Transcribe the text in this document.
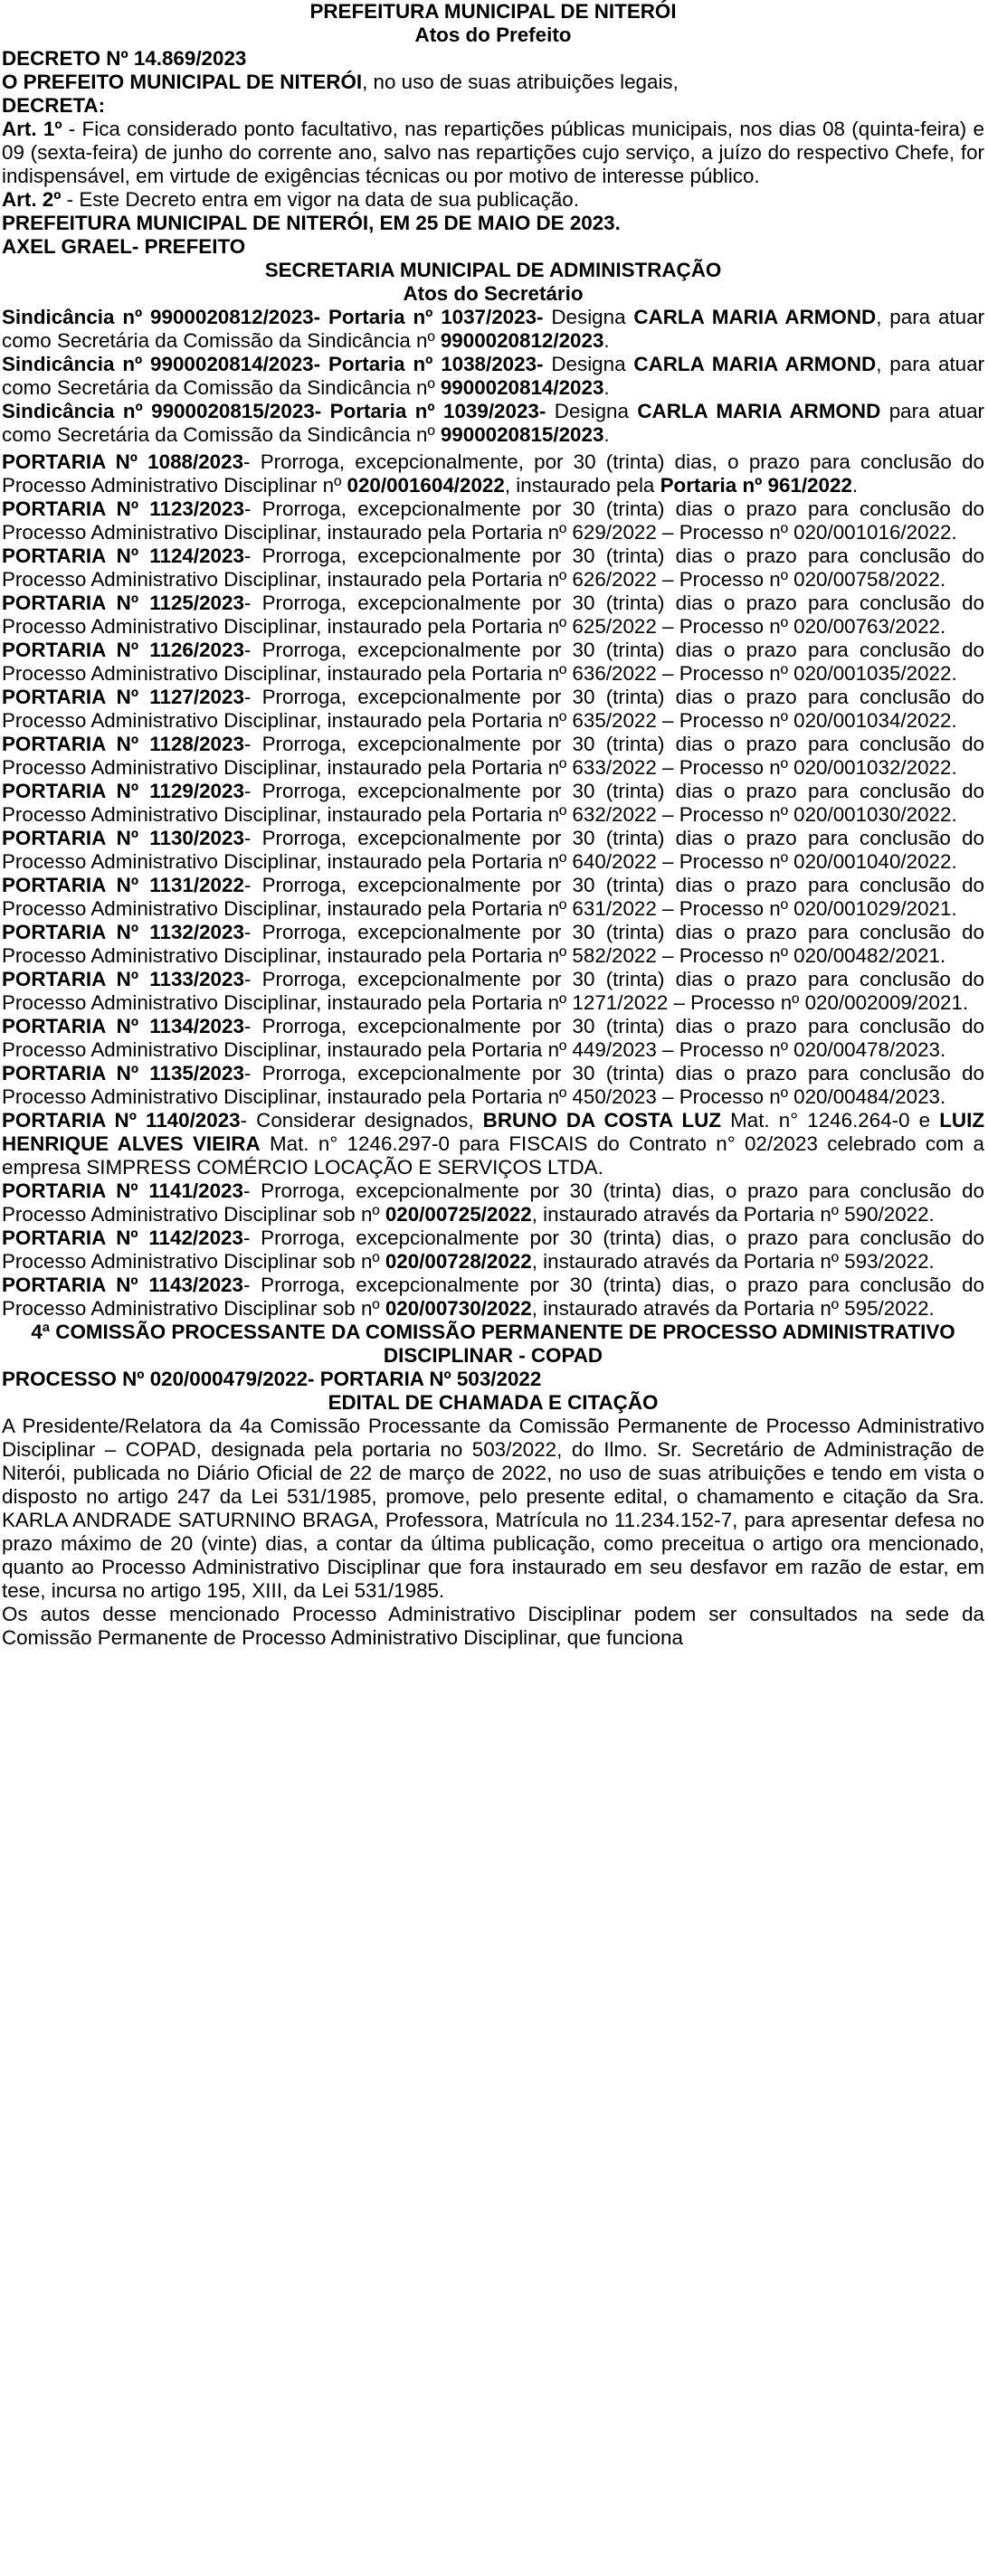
PREFEITURA MUNICIPAL DE NITERÓI
Atos do Prefeito
DECRETO Nº 14.869/2023
O PREFEITO MUNICIPAL DE NITERÓI, no uso de suas atribuições legais,
DECRETA:
Art. 1º - Fica considerado ponto facultativo, nas repartições públicas municipais, nos dias 08 (quinta-feira) e 09 (sexta-feira) de junho do corrente ano, salvo nas repartições cujo serviço, a juízo do respectivo Chefe, for indispensável, em virtude de exigências técnicas ou por motivo de interesse público.
Art. 2º - Este Decreto entra em vigor na data de sua publicação.
PREFEITURA MUNICIPAL DE NITERÓI, EM 25 DE MAIO DE 2023.
AXEL GRAEL- PREFEITO
SECRETARIA MUNICIPAL DE ADMINISTRAÇÃO
Atos do Secretário
Sindicância nº 9900020812/2023- Portaria nº 1037/2023- Designa CARLA MARIA ARMOND, para atuar como Secretária da Comissão da Sindicância nº 9900020812/2023.
Sindicância nº 9900020814/2023- Portaria nº 1038/2023- Designa CARLA MARIA ARMOND, para atuar como Secretária da Comissão da Sindicância nº 9900020814/2023.
Sindicância nº 9900020815/2023- Portaria nº 1039/2023- Designa CARLA MARIA ARMOND para atuar como Secretária da Comissão da Sindicância nº 9900020815/2023.
PORTARIA Nº 1088/2023- Prorroga, excepcionalmente, por 30 (trinta) dias, o prazo para conclusão do Processo Administrativo Disciplinar nº 020/001604/2022, instaurado pela Portaria nº 961/2022.
PORTARIA Nº 1123/2023- Prorroga, excepcionalmente por 30 (trinta) dias o prazo para conclusão do Processo Administrativo Disciplinar, instaurado pela Portaria nº 629/2022 – Processo nº 020/001016/2022.
PORTARIA Nº 1124/2023- Prorroga, excepcionalmente por 30 (trinta) dias o prazo para conclusão do Processo Administrativo Disciplinar, instaurado pela Portaria nº 626/2022 – Processo nº 020/00758/2022.
PORTARIA Nº 1125/2023- Prorroga, excepcionalmente por 30 (trinta) dias o prazo para conclusão do Processo Administrativo Disciplinar, instaurado pela Portaria nº 625/2022 – Processo nº 020/00763/2022.
PORTARIA Nº 1126/2023- Prorroga, excepcionalmente por 30 (trinta) dias o prazo para conclusão do Processo Administrativo Disciplinar, instaurado pela Portaria nº 636/2022 – Processo nº 020/001035/2022.
PORTARIA Nº 1127/2023- Prorroga, excepcionalmente por 30 (trinta) dias o prazo para conclusão do Processo Administrativo Disciplinar, instaurado pela Portaria nº 635/2022 – Processo nº 020/001034/2022.
PORTARIA Nº 1128/2023- Prorroga, excepcionalmente por 30 (trinta) dias o prazo para conclusão do Processo Administrativo Disciplinar, instaurado pela Portaria nº 633/2022 – Processo nº 020/001032/2022.
PORTARIA Nº 1129/2023- Prorroga, excepcionalmente por 30 (trinta) dias o prazo para conclusão do Processo Administrativo Disciplinar, instaurado pela Portaria nº 632/2022 – Processo nº 020/001030/2022.
PORTARIA Nº 1130/2023- Prorroga, excepcionalmente por 30 (trinta) dias o prazo para conclusão do Processo Administrativo Disciplinar, instaurado pela Portaria nº 640/2022 – Processo nº 020/001040/2022.
PORTARIA Nº 1131/2022- Prorroga, excepcionalmente por 30 (trinta) dias o prazo para conclusão do Processo Administrativo Disciplinar, instaurado pela Portaria nº 631/2022 – Processo nº 020/001029/2021.
PORTARIA Nº 1132/2023- Prorroga, excepcionalmente por 30 (trinta) dias o prazo para conclusão do Processo Administrativo Disciplinar, instaurado pela Portaria nº 582/2022 – Processo nº 020/00482/2021.
PORTARIA Nº 1133/2023- Prorroga, excepcionalmente por 30 (trinta) dias o prazo para conclusão do Processo Administrativo Disciplinar, instaurado pela Portaria nº 1271/2022 – Processo nº 020/002009/2021.
PORTARIA Nº 1134/2023- Prorroga, excepcionalmente por 30 (trinta) dias o prazo para conclusão do Processo Administrativo Disciplinar, instaurado pela Portaria nº 449/2023 – Processo nº 020/00478/2023.
PORTARIA Nº 1135/2023- Prorroga, excepcionalmente por 30 (trinta) dias o prazo para conclusão do Processo Administrativo Disciplinar, instaurado pela Portaria nº 450/2023 – Processo nº 020/00484/2023.
PORTARIA Nº 1140/2023- Considerar designados, BRUNO DA COSTA LUZ Mat. n° 1246.264-0 e LUIZ HENRIQUE ALVES VIEIRA Mat. n° 1246.297-0 para FISCAIS do Contrato n° 02/2023 celebrado com a empresa SIMPRESS COMÉRCIO LOCAÇÃO E SERVIÇOS LTDA.
PORTARIA Nº 1141/2023- Prorroga, excepcionalmente por 30 (trinta) dias, o prazo para conclusão do Processo Administrativo Disciplinar sob nº 020/00725/2022, instaurado através da Portaria nº 590/2022.
PORTARIA Nº 1142/2023- Prorroga, excepcionalmente por 30 (trinta) dias, o prazo para conclusão do Processo Administrativo Disciplinar sob nº 020/00728/2022, instaurado através da Portaria nº 593/2022.
PORTARIA Nº 1143/2023- Prorroga, excepcionalmente por 30 (trinta) dias, o prazo para conclusão do Processo Administrativo Disciplinar sob nº 020/00730/2022, instaurado através da Portaria nº 595/2022.
4ª COMISSÃO PROCESSANTE DA COMISSÃO PERMANENTE DE PROCESSO ADMINISTRATIVO DISCIPLINAR - COPAD
PROCESSO Nº 020/000479/2022- PORTARIA Nº 503/2022
EDITAL DE CHAMADA E CITAÇÃO
A Presidente/Relatora da 4a Comissão Processante da Comissão Permanente de Processo Administrativo Disciplinar – COPAD, designada pela portaria no 503/2022, do Ilmo. Sr. Secretário de Administração de Niterói, publicada no Diário Oficial de 22 de março de 2022, no uso de suas atribuições e tendo em vista o disposto no artigo 247 da Lei 531/1985, promove, pelo presente edital, o chamamento e citação da Sra. KARLA ANDRADE SATURNINO BRAGA, Professora, Matrícula no 11.234.152-7, para apresentar defesa no prazo máximo de 20 (vinte) dias, a contar da última publicação, como preceitua o artigo ora mencionado, quanto ao Processo Administrativo Disciplinar que fora instaurado em seu desfavor em razão de estar, em tese, incursa no artigo 195, XIII, da Lei 531/1985.
Os autos desse mencionado Processo Administrativo Disciplinar podem ser consultados na sede da Comissão Permanente de Processo Administrativo Disciplinar, que funciona
